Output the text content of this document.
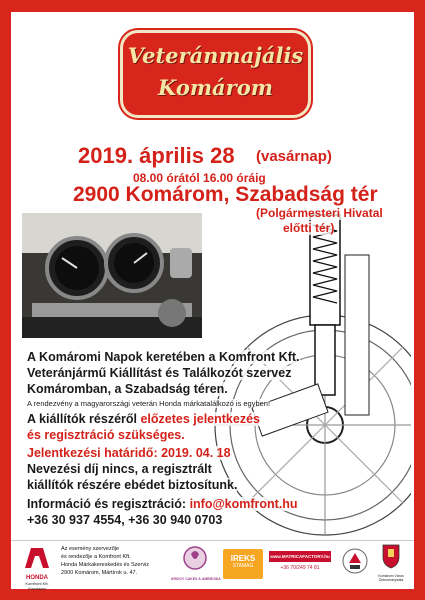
Veteránmajális
Komárom
2019. április 28 (vasárnap)
08.00 órától 16.00 óráig
2900 Komárom, Szabadság tér
(Polgármesteri Hivatal
előtti tér)
A Komáromi Napok keretében a Komfront Kft.
Veteránjármű Kiállítást és Találkozót szervez
Komáromban, a Szabadság téren.
A rendezvény a magyarországi veterán Honda márkatalálkozó is egyben!
A kiállítók részéről előzetes jelentkezés
és regisztráció szükséges.
Jelentkezési határidő: 2019. 04. 18
Nevezési díj nincs, a regisztrált
kiállítók részére ebédet biztosítunk.
Információ és regisztráció: info@komfront.hu
+36 30 937 4554, +36 30 940 0703
HONDA
Komfront Kft. Komárom
Az esemény szervezője
és rendezője a Komfront Kft.
Honda Márkakereskedés és Szerviz
2900 Komárom, Mártírok u. 47.
KRIZOY CAKES & AMBROSIA
IREKS
STAMAG
www.MATRICAFACTORY.hu
+36 70/249 74 81
Komárom Város Önkormányzata
